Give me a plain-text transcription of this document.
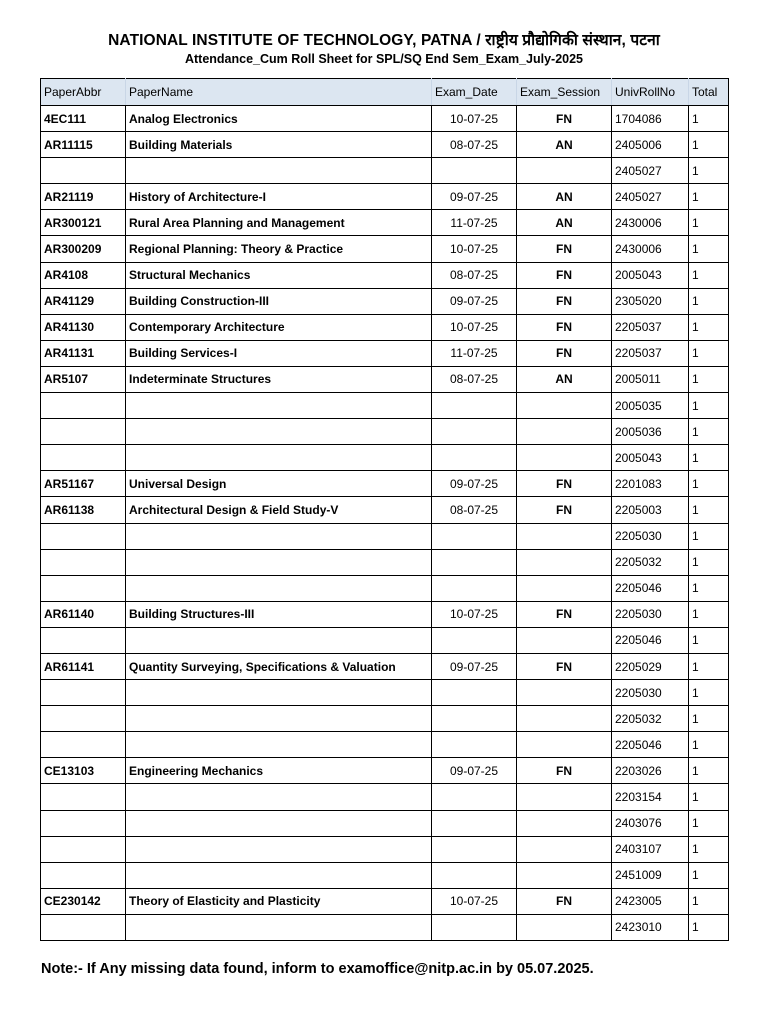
NATIONAL INSTITUTE OF TECHNOLOGY, PATNA / राष्ट्रीय प्रौद्योगिकी संस्थान, पटना
Attendance_Cum Roll Sheet for SPL/SQ End Sem_Exam_July-2025
PaperAbbr	PaperName	Exam_Date	Exam_Session	UnivRollNo	Total
4EC111	Analog Electronics	10-07-25	FN	1704086	1
AR11115	Building Materials	08-07-25	AN	2405006	1
				2405027	1
AR21119	History of Architecture-I	09-07-25	AN	2405027	1
AR300121	Rural Area Planning and Management	11-07-25	AN	2430006	1
AR300209	Regional Planning: Theory & Practice	10-07-25	FN	2430006	1
AR4108	Structural Mechanics	08-07-25	FN	2005043	1
AR41129	Building Construction-III	09-07-25	FN	2305020	1
AR41130	Contemporary Architecture	10-07-25	FN	2205037	1
AR41131	Building Services-I	11-07-25	FN	2205037	1
AR5107	Indeterminate Structures	08-07-25	AN	2005011	1
				2005035	1
				2005036	1
				2005043	1
AR51167	Universal Design	09-07-25	FN	2201083	1
AR61138	Architectural Design & Field Study-V	08-07-25	FN	2205003	1
				2205030	1
				2205032	1
				2205046	1
AR61140	Building Structures-III	10-07-25	FN	2205030	1
				2205046	1
AR61141	Quantity Surveying, Specifications & Valuation	09-07-25	FN	2205029	1
				2205030	1
				2205032	1
				2205046	1
CE13103	Engineering Mechanics	09-07-25	FN	2203026	1
				2203154	1
				2403076	1
				2403107	1
				2451009	1
CE230142	Theory of Elasticity and Plasticity	10-07-25	FN	2423005	1
				2423010	1
Note:- If Any missing data found, inform to examoffice@nitp.ac.in by 05.07.2025.
